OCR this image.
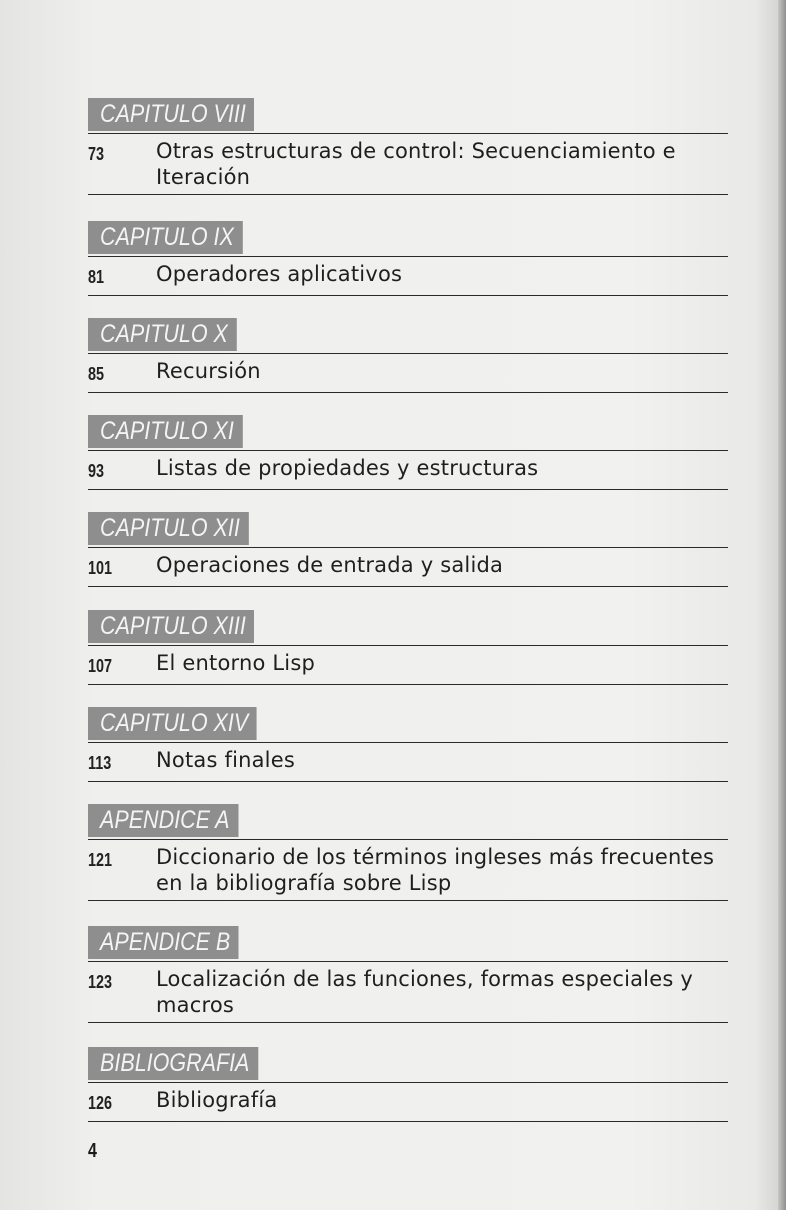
CAPITULO VIII
73	Otras estructuras de control: Secuenciamiento e Iteración
CAPITULO IX
81	Operadores aplicativos
CAPITULO X
85	Recursión
CAPITULO XI
93	Listas de propiedades y estructuras
CAPITULO XII
101	Operaciones de entrada y salida
CAPITULO XIII
107	El entorno Lisp
CAPITULO XIV
113	Notas finales
APENDICE A
121	Diccionario de los términos ingleses más frecuentes en la bibliografía sobre Lisp
APENDICE B
123	Localización de las funciones, formas especiales y macros
BIBLIOGRAFIA
126	Bibliografía
4
